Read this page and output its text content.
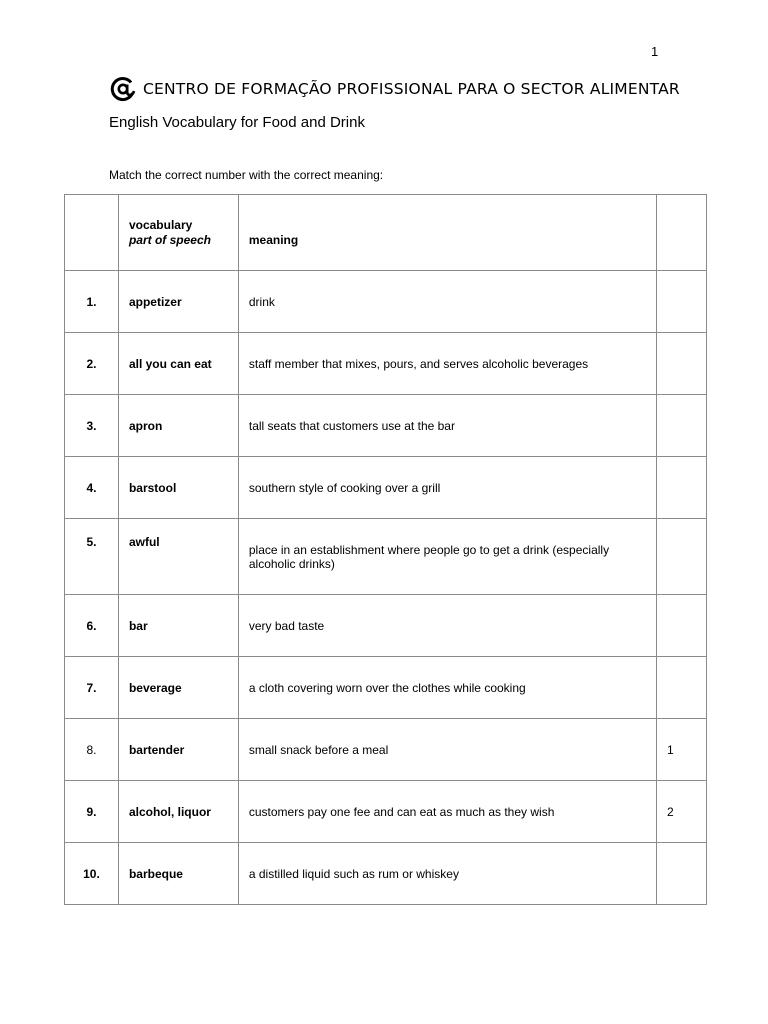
1
CENTRO DE FORMAÇÃO PROFISSIONAL PARA O SECTOR ALIMENTAR
English Vocabulary for Food and Drink
Match the correct number with the correct meaning:

	vocabulary
part of speech	meaning	
1.	appetizer	drink	
2.	all you can eat	staff member that mixes, pours, and serves alcoholic beverages	
3.	apron	tall seats that customers use at the bar	
4.	barstool	southern style of cooking over a grill	

5.	awful	place in an establishment where people go to get a drink (especially alcoholic drinks)	
6.	bar	very bad taste	
7.	beverage	a cloth covering worn over the clothes while cooking	
8.	bartender	small snack before a meal	1
9.	alcohol, liquor	customers pay one fee and can eat as much as they wish	2
10.	barbeque	a distilled liquid such as rum or whiskey	
